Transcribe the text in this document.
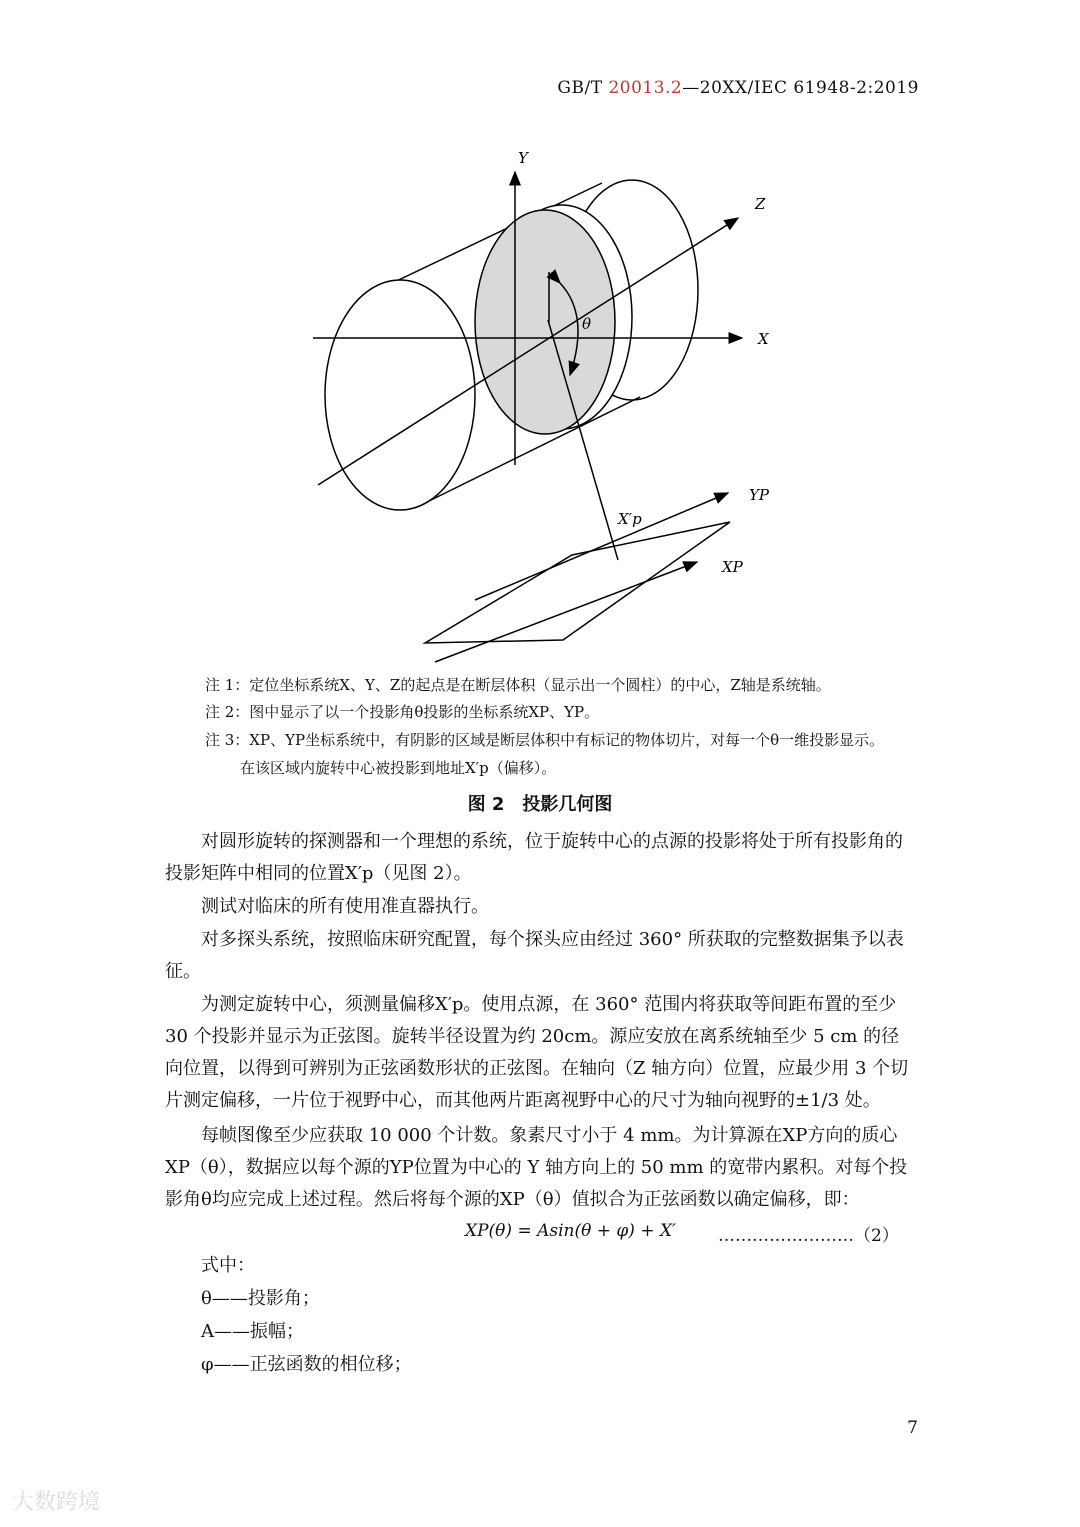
GB/T 20013.2—20XX/IEC 61948-2:2019
Y
Z
X
θ
X′p
YP
XP
注 1：定位坐标系统X、Y、Z的起点是在断层体积（显示出一个圆柱）的中心，Z轴是系统轴。
注 2：图中显示了以一个投影角θ投影的坐标系统XP、YP。
注 3：XP、YP坐标系统中，有阴影的区域是断层体积中有标记的物体切片，对每一个θ一维投影显示。
在该区域内旋转中心被投影到地址X′p（偏移）。
图 2　投影几何图
对圆形旋转的探测器和一个理想的系统，位于旋转中心的点源的投影将处于所有投影角的投影矩阵中相同的位置X′p（见图 2）。
测试对临床的所有使用准直器执行。
对多探头系统，按照临床研究配置，每个探头应由经过 360° 所获取的完整数据集予以表征。
为测定旋转中心，须测量偏移X′p。使用点源，在 360° 范围内将获取等间距布置的至少 30 个投影并显示为正弦图。旋转半径设置为约 20cm。源应安放在离系统轴至少 5 cm 的径向位置，以得到可辨别为正弦函数形状的正弦图。在轴向（Z 轴方向）位置，应最少用 3 个切片测定偏移，一片位于视野中心，而其他两片距离视野中心的尺寸为轴向视野的±1/3 处。
每帧图像至少应获取 10 000 个计数。象素尺寸小于 4 mm。为计算源在XP方向的质心XP（θ），数据应以每个源的YP位置为中心的 Y 轴方向上的 50 mm 的宽带内累积。对每个投影角θ均应完成上述过程。然后将每个源的XP（θ）值拟合为正弦函数以确定偏移，即：
XP(θ) = Asin(θ + φ) + X′ ……………………（2）
式中：
θ——投影角；
A——振幅；
φ——正弦函数的相位移；
7
大数跨境
